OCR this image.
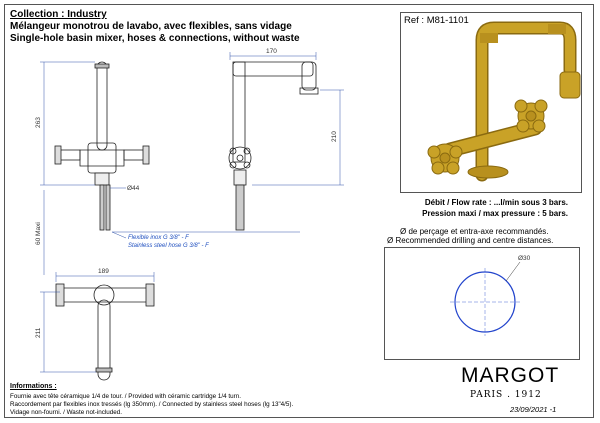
Collection : Industry
Mélangeur monotrou de lavabo, avec flexibles, sans vidage
Single-hole basin mixer, hoses & connections, without waste
263
60 Maxi
170
210
Ø44
189
211
Flexible inox G 3/8" - F
Stainless steel hose G 3/8" - F
Ø30
Ref : M81-1101
Débit / Flow rate : ...l/min sous 3 bars.
Pression maxi / max pressure : 5 bars.
Ø de perçage et entra-axe recommandés.
Ø Recommended drilling and centre distances.
Informations :
Fournie avec tête céramique 1/4 de tour. / Provided with céramic cartridge 1/4 turn.
Raccordement par flexibles inox tressés (lg 350mm). / Connected by stainless steel hoses (lg 13"4/5).
Vidage non-fourni. / Waste not-included.
MARGOT
PARIS . 1912
23/09/2021 -1
